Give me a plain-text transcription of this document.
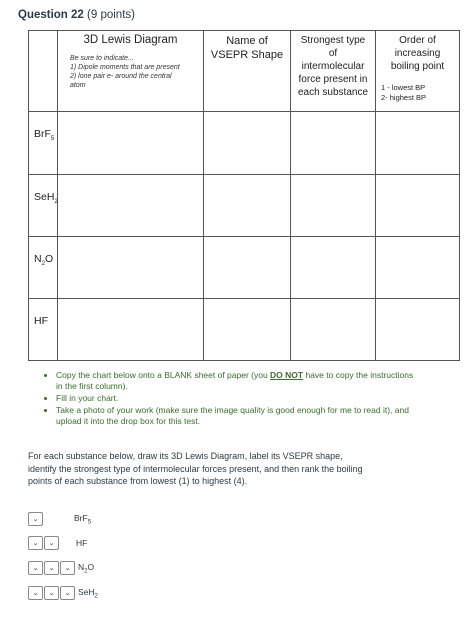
Question 22 (9 points)

	3D Lewis Diagram
Be sure to indicate...
1) Dipole moments that are present
2) lone pair e- around the central
atom	Name of
VSEPR Shape	Strongest type
of
intermolecular
force present in
each substance	Order of
increasing
boiling point
1 - lowest BP
2- highest BP

BrF$_5$				
SeH$_2$				
$N_2O$				
HF				
• Copy the chart below onto a BLANK sheet of paper (you DO NOT have to copy the instructions in the first column).
• Fill in your chart.
• Take a photo of your work (make sure the image quality is good enough for me to read it), and upload it into the drop box for this test.

For each substance below, draw its 3D Lewis Diagram, label its VSEPR shape, identify the strongest type of intermolecular forces present, and then rank the boiling points of each substance from lowest (1) to highest (4).

⌄	BrF$_5$
⌄ ⌄	HF
⌄ ⌄ ⌄ $N_2O$
⌄ ⌄ ⌄ SeH$_2$
